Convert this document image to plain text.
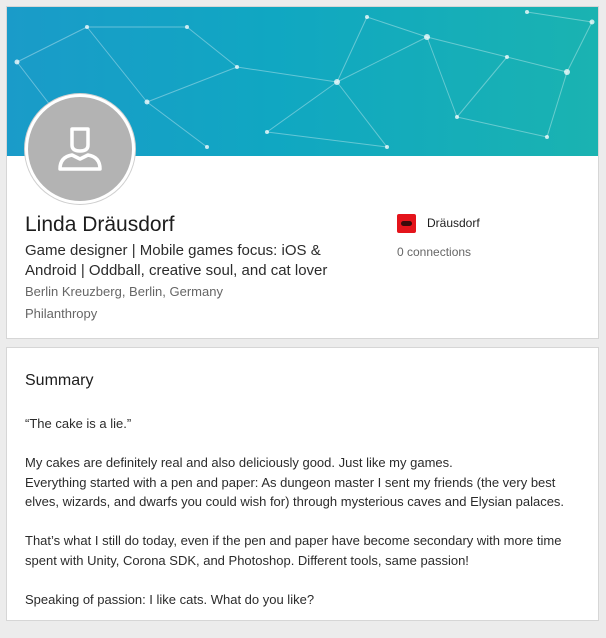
Linda Dräusdorf
Game designer | Mobile games focus: iOS & Android | Oddball, creative soul, and cat lover
Berlin Kreuzberg, Berlin, Germany
Philanthropy
Dräusdorf
0 connections
Summary

“The cake is a lie.”

My cakes are definitely real and also deliciously good. Just like my games.

Everything started with a pen and paper: As dungeon master I sent my friends (the very best elves, wizards, and dwarfs you could wish for) through mysterious caves and Elysian palaces.

That’s what I still do today, even if the pen and paper have become secondary with more time spent with Unity, Corona SDK, and Photoshop. Different tools, same passion!

Speaking of passion: I like cats. What do you like?
